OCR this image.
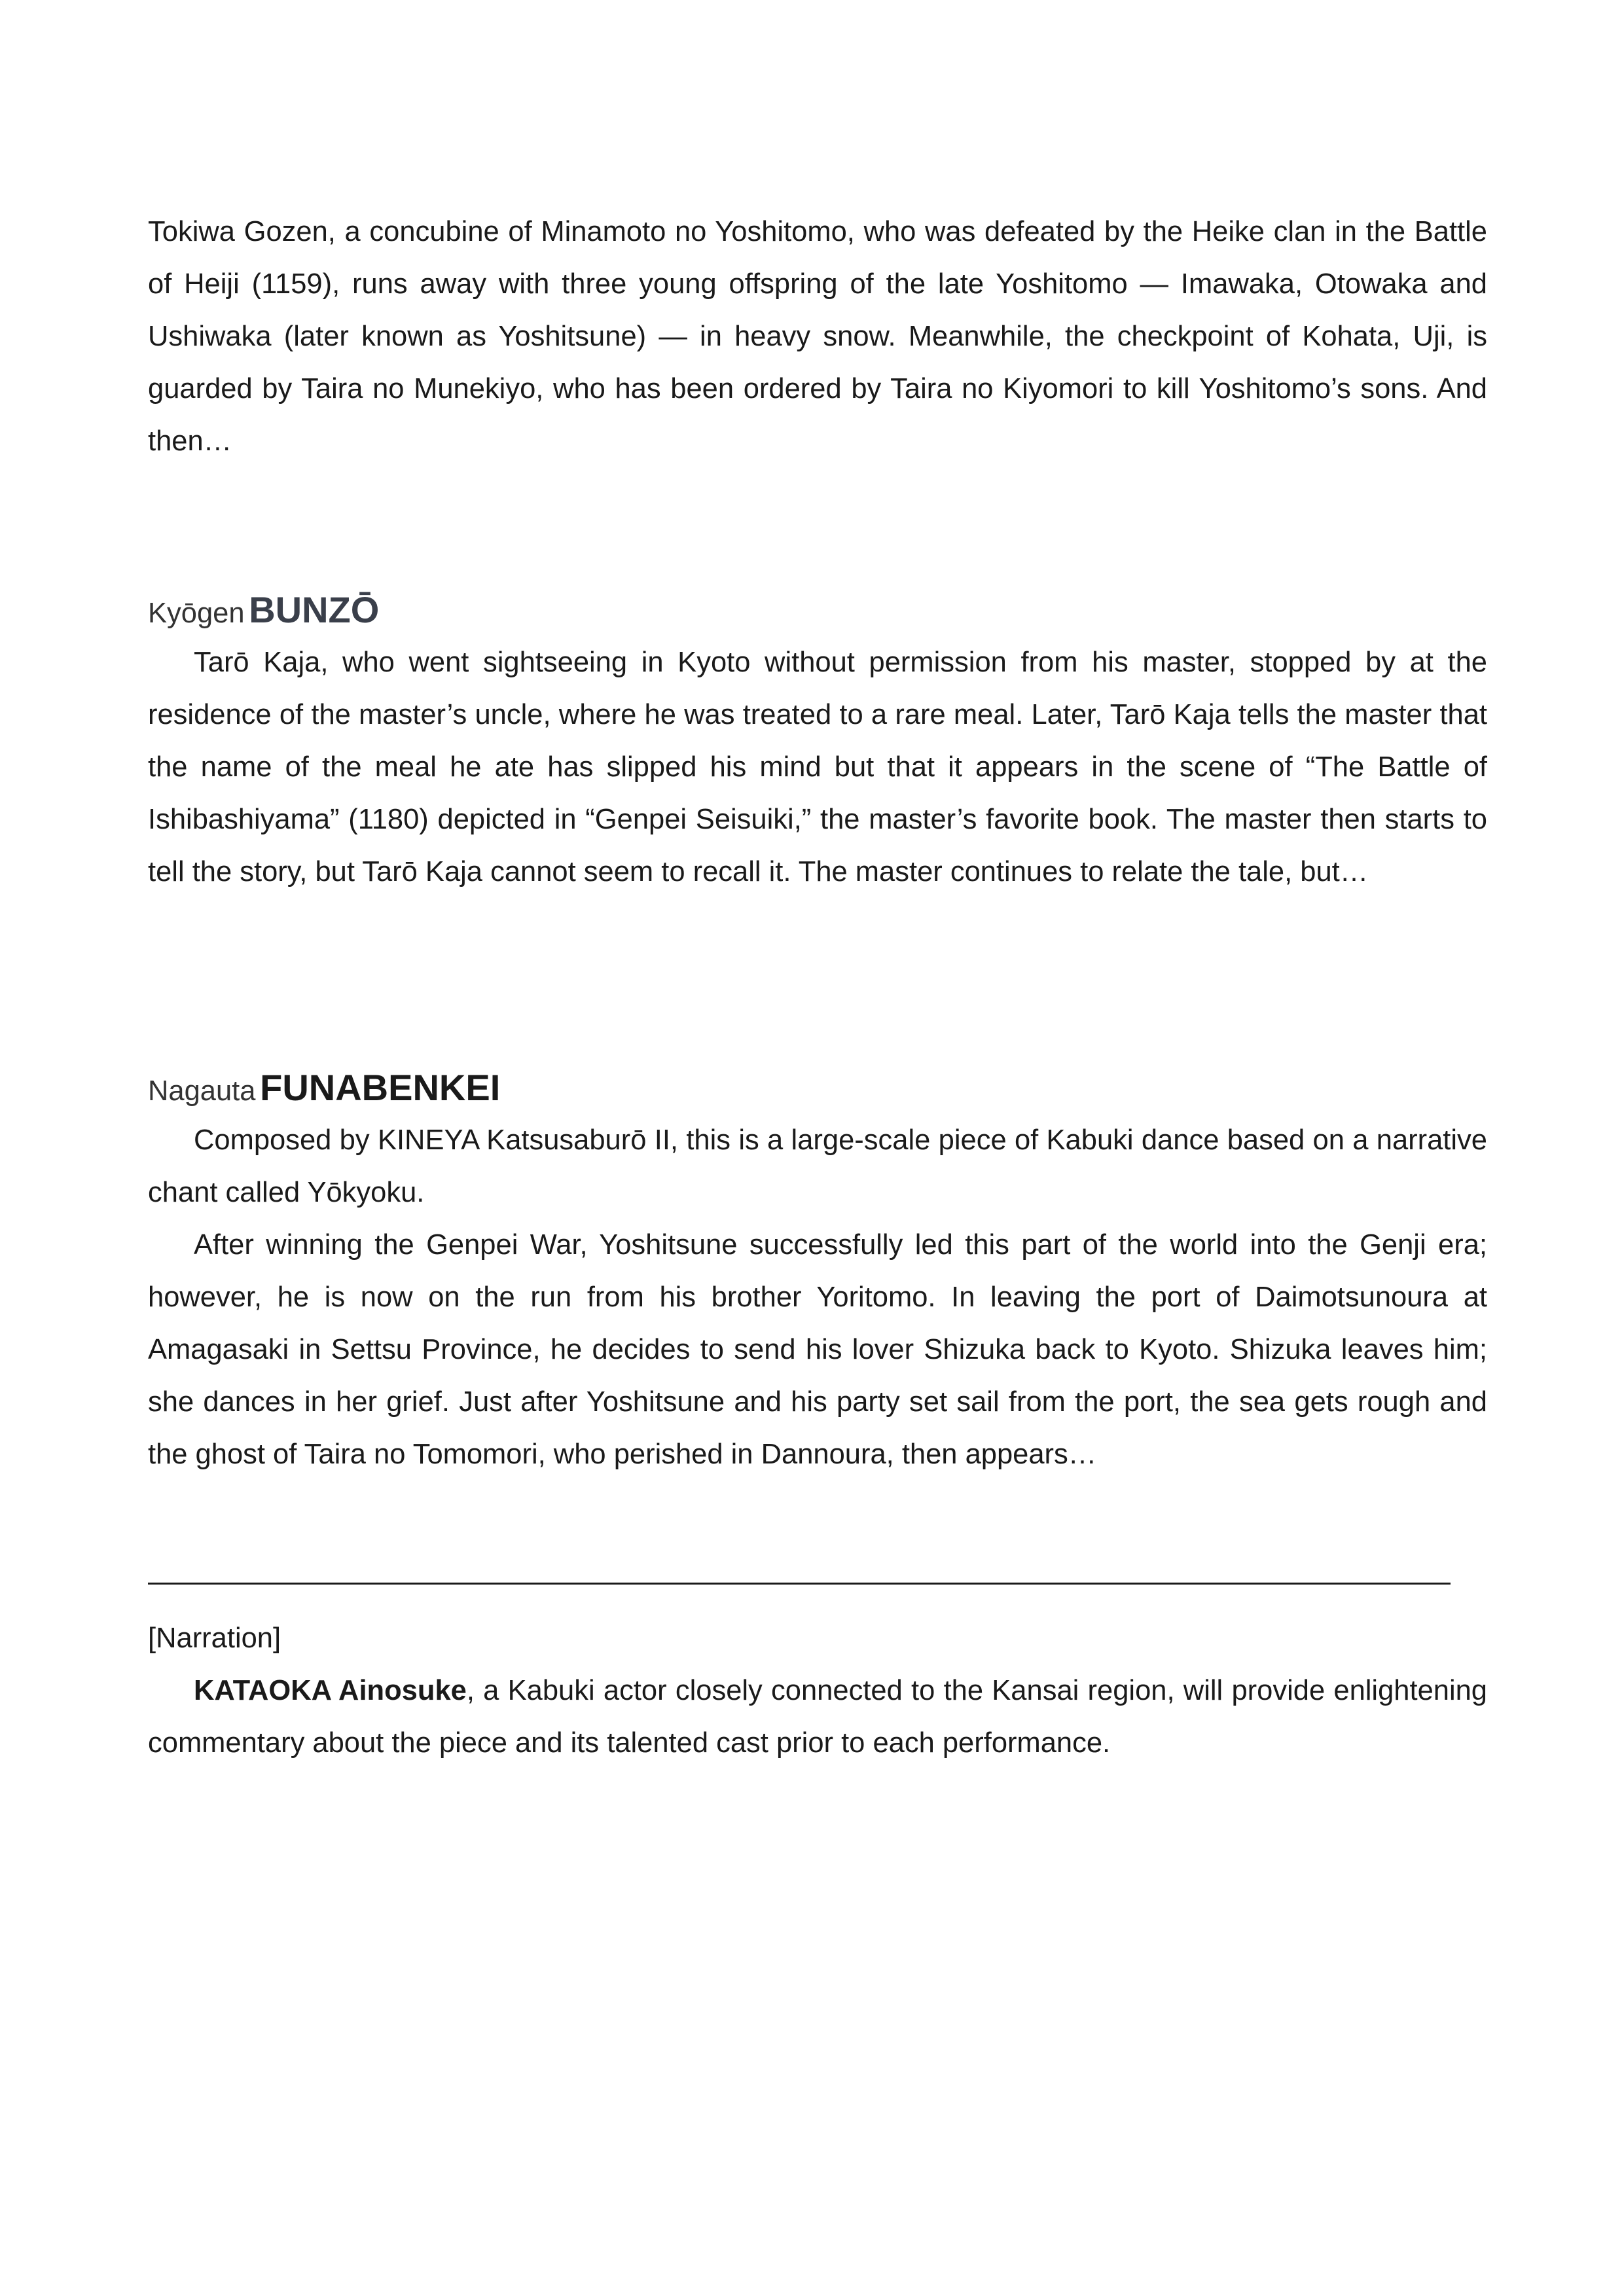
Tokiwa Gozen, a concubine of Minamoto no Yoshitomo, who was defeated by the Heike clan in the Battle of Heiji (1159), runs away with three young offspring of the late Yoshitomo — Imawaka, Otowaka and Ushiwaka (later known as Yoshitsune) — in heavy snow. Meanwhile, the checkpoint of Kohata, Uji, is guarded by Taira no Munekiyo, who has been ordered by Taira no Kiyomori to kill Yoshitomo’s sons. And then…

Kyōgen BUNZŌ

Tarō Kaja, who went sightseeing in Kyoto without permission from his master, stopped by at the residence of the master’s uncle, where he was treated to a rare meal. Later, Tarō Kaja tells the master that the name of the meal he ate has slipped his mind but that it appears in the scene of “The Battle of Ishibashiyama” (1180) depicted in “Genpei Seisuiki,” the master’s favorite book. The master then starts to tell the story, but Tarō Kaja cannot seem to recall it. The master continues to relate the tale, but…

Nagauta FUNABENKEI

Composed by KINEYA Katsusaburō II, this is a large-scale piece of Kabuki dance based on a narrative chant called Yōkyoku.

After winning the Genpei War, Yoshitsune successfully led this part of the world into the Genji era; however, he is now on the run from his brother Yoritomo. In leaving the port of Daimotsunoura at Amagasaki in Settsu Province, he decides to send his lover Shizuka back to Kyoto. Shizuka leaves him; she dances in her grief. Just after Yoshitsune and his party set sail from the port, the sea gets rough and the ghost of Taira no Tomomori, who perished in Dannoura, then appears…

[Narration]

KATAOKA Ainosuke, a Kabuki actor closely connected to the Kansai region, will provide enlightening commentary about the piece and its talented cast prior to each performance.
